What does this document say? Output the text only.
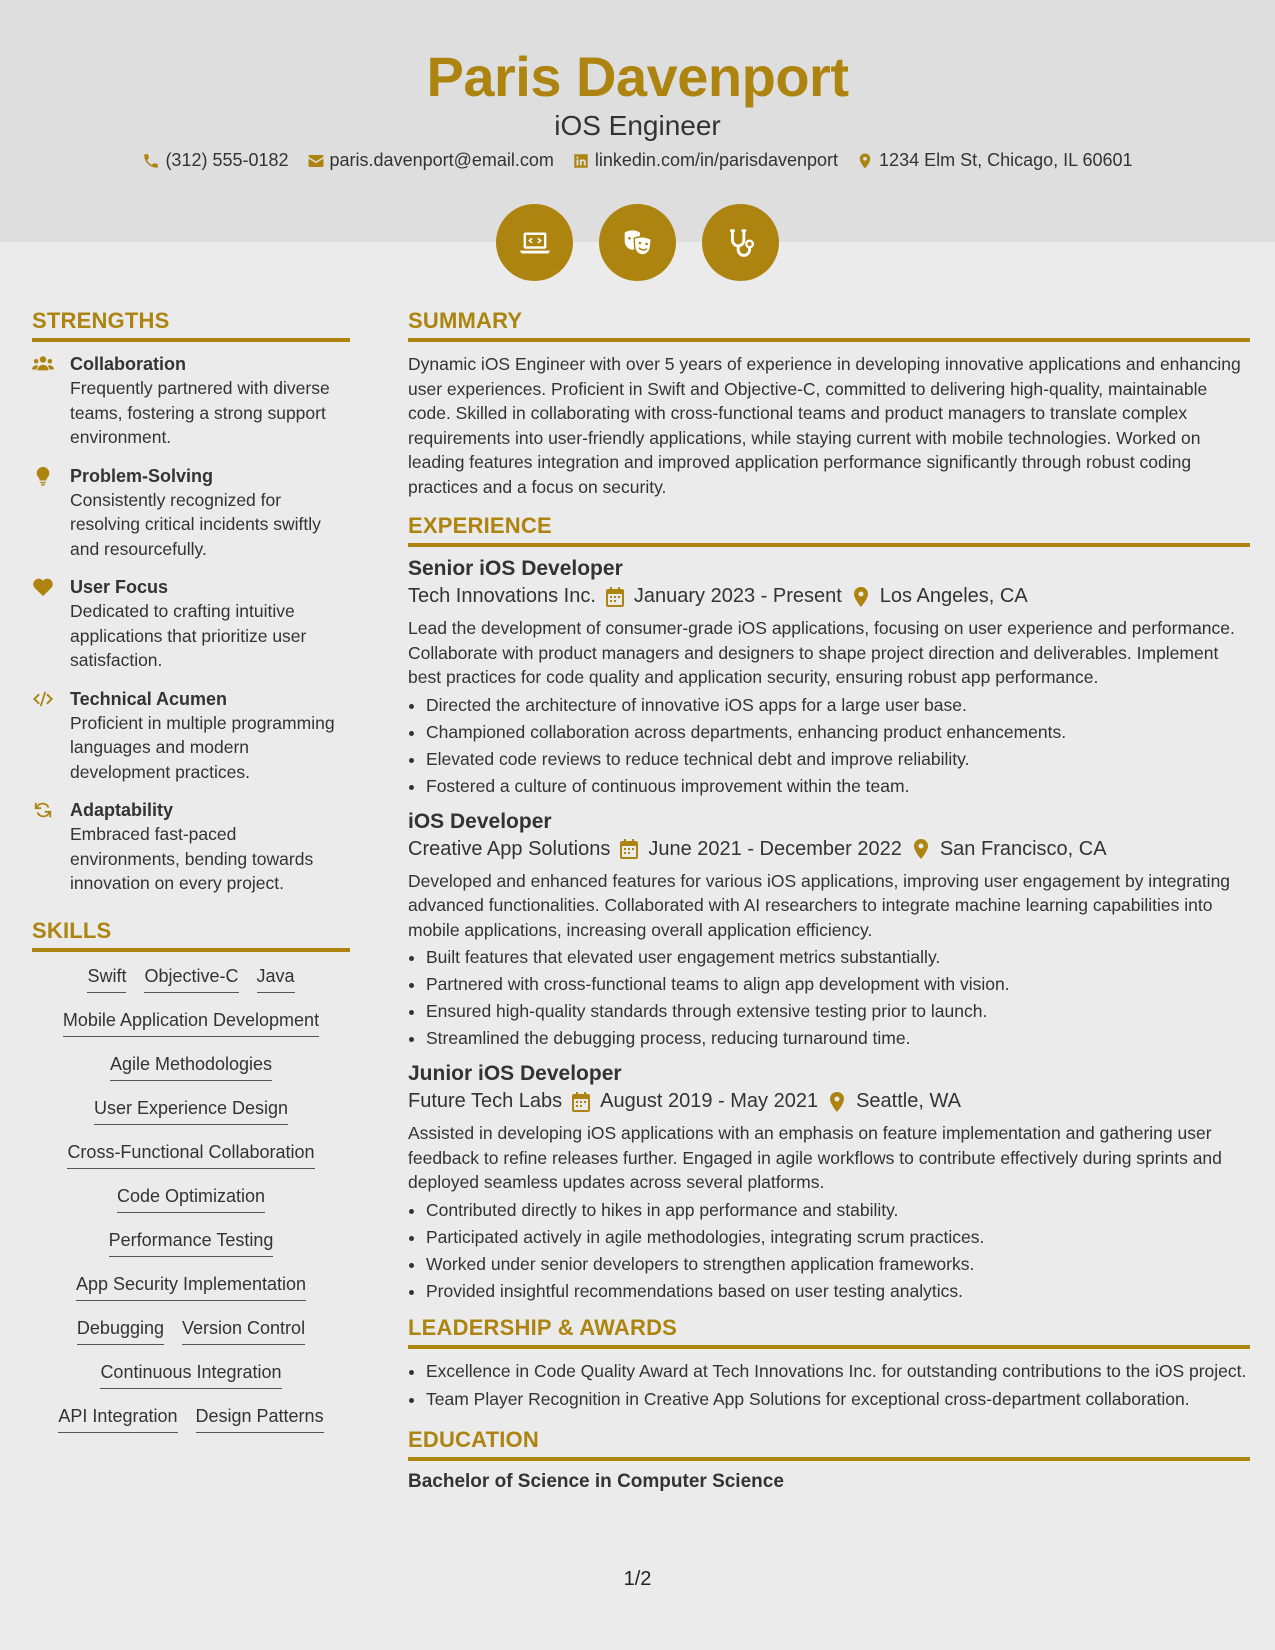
Paris Davenport
iOS Engineer
(312) 555-0182 paris.davenport@email.com linkedin.com/in/parisdavenport 1234 Elm St, Chicago, IL 60601
STRENGTHS
Collaboration
Frequently partnered with diverse teams, fostering a strong support environment.
Problem-Solving
Consistently recognized for resolving critical incidents swiftly and resourcefully.
User Focus
Dedicated to crafting intuitive applications that prioritize user satisfaction.
Technical Acumen
Proficient in multiple programming languages and modern development practices.
Adaptability
Embraced fast-paced environments, bending towards innovation on every project.
SKILLS
Swift Objective-C Java
Mobile Application Development
Agile Methodologies
User Experience Design
Cross-Functional Collaboration
Code Optimization
Performance Testing
App Security Implementation
Debugging Version Control
Continuous Integration
API Integration Design Patterns
SUMMARY

Dynamic iOS Engineer with over 5 years of experience in developing innovative applications and enhancing user experiences. Proficient in Swift and Objective-C, committed to delivering high-quality, maintainable code. Skilled in collaborating with cross-functional teams and product managers to translate complex requirements into user-friendly applications, while staying current with mobile technologies. Worked on leading features integration and improved application performance significantly through robust coding practices and a focus on security.

EXPERIENCE
Senior iOS Developer
Tech Innovations Inc. January 2023 - Present Los Angeles, CA

Lead the development of consumer-grade iOS applications, focusing on user experience and performance. Collaborate with product managers and designers to shape project direction and deliverables. Implement best practices for code quality and application security, ensuring robust app performance.

• Directed the architecture of innovative iOS apps for a large user base.
• Championed collaboration across departments, enhancing product enhancements.
• Elevated code reviews to reduce technical debt and improve reliability.
• Fostered a culture of continuous improvement within the team.
iOS Developer
Creative App Solutions June 2021 - December 2022 San Francisco, CA

Developed and enhanced features for various iOS applications, improving user engagement by integrating advanced functionalities. Collaborated with AI researchers to integrate machine learning capabilities into mobile applications, increasing overall application efficiency.

• Built features that elevated user engagement metrics substantially.
• Partnered with cross-functional teams to align app development with vision.
• Ensured high-quality standards through extensive testing prior to launch.
• Streamlined the debugging process, reducing turnaround time.
Junior iOS Developer
Future Tech Labs August 2019 - May 2021 Seattle, WA

Assisted in developing iOS applications with an emphasis on feature implementation and gathering user feedback to refine releases further. Engaged in agile workflows to contribute effectively during sprints and deployed seamless updates across several platforms.

• Contributed directly to hikes in app performance and stability.
• Participated actively in agile methodologies, integrating scrum practices.
• Worked under senior developers to strengthen application frameworks.
• Provided insightful recommendations based on user testing analytics.
LEADERSHIP & AWARDS
• Excellence in Code Quality Award at Tech Innovations Inc. for outstanding contributions to the iOS project.
• Team Player Recognition in Creative App Solutions for exceptional cross-department collaboration.
EDUCATION
Bachelor of Science in Computer Science
1/2
